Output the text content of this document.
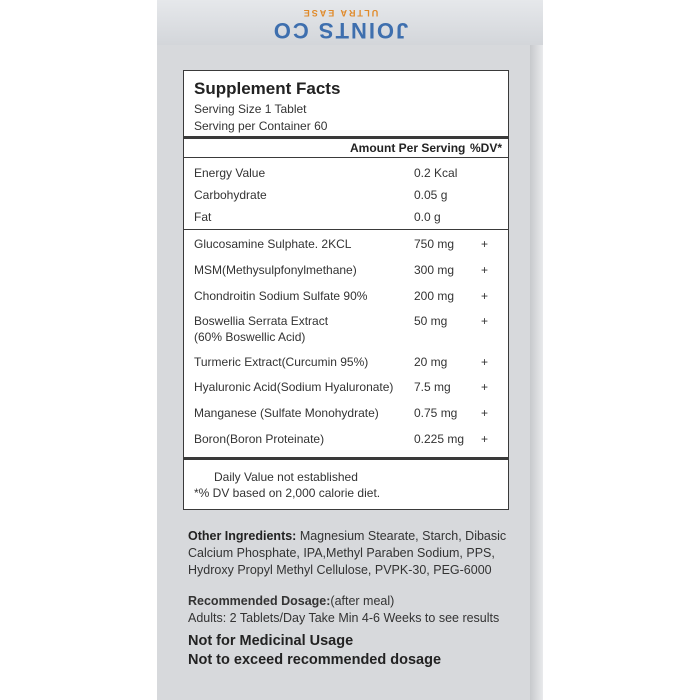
JOINTS CO
ULTRA EASE
Supplement Facts
Serving Size 1 Tablet
Serving per Container 60
Amount Per Serving %DV*
Energy Value	0.2 Kcal
Carbohydrate	0.05 g
Fat	0.0 g
Glucosamine Sulphate. 2KCL	750 mg +
MSM(Methysulpfonylmethane)	300 mg +
Chondroitin Sodium Sulfate 90%	200 mg +
Boswellia Serrata Extract	50 mg	+
(60% Boswellic Acid)
Turmeric Extract(Curcumin 95%)	20 mg	+
Hyaluronic Acid(Sodium Hyaluronate) 7.5 mg	+
Manganese (Sulfate Monohydrate)	0.75 mg +
Boron(Boron Proteinate)	0.225 mg +
Daily Value not established
*% DV based on 2,000 calorie diet.
Other Ingredients: Magnesium Stearate, Starch, Dibasic Calcium Phosphate, IPA,Methyl Paraben Sodium, PPS, Hydroxy Propyl Methyl Cellulose, PVPK-30, PEG-6000
Recommended Dosage:(after meal)
Adults: 2 Tablets/Day Take Min 4-6 Weeks to see results
Not for Medicinal Usage
Not to exceed recommended dosage
